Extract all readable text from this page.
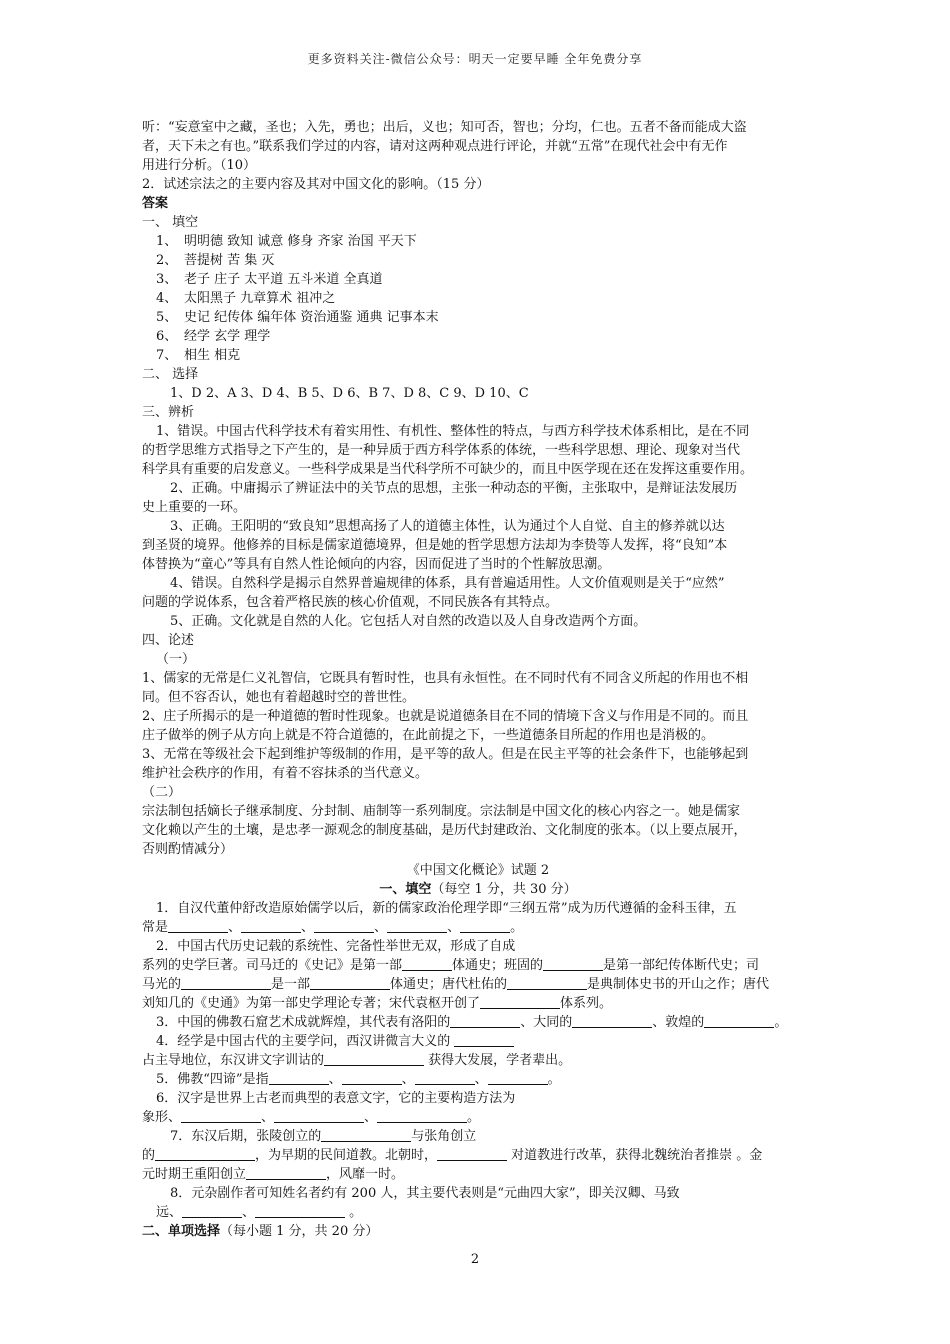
更多资料关注-微信公众号：明天一定要早睡 全年免费分享

听：“妄意室中之藏，圣也；入先，勇也；出后，义也；知可否，智也；分均，仁也。五者不备而能成大盗

者，天下未之有也。”联系我们学过的内容，请对这两种观点进行评论，并就“五常”在现代社会中有无作

用进行分析。（10）

2．试述宗法之的主要内容及其对中国文化的影响。（15 分）

答案

一、 填空

1、 明明德 致知 诚意 修身 齐家 治国 平天下

2、 菩提树 苦 集 灭

3、 老子 庄子 太平道 五斗米道 全真道

4、 太阳黑子 九章算术 祖冲之

5、 史记 纪传体 编年体 资治通鉴 通典 记事本末

6、 经学 玄学 理学

7、 相生 相克

二、 选择

1、D 2、A 3、D 4、B 5、D 6、B 7、D 8、C 9、D 10、C

三、辨析

1、错误。中国古代科学技术有着实用性、有机性、整体性的特点，与西方科学技术体系相比，是在不同

的哲学思维方式指导之下产生的，是一种异质于西方科学体系的体统，一些科学思想、理论、现象对当代

科学具有重要的启发意义。一些科学成果是当代科学所不可缺少的，而且中医学现在还在发挥这重要作用。

2、正确。中庸揭示了辨证法中的关节点的思想，主张一种动态的平衡，主张取中，是辩证法发展历

史上重要的一环。

3、正确。王阳明的“致良知”思想高扬了人的道德主体性，认为通过个人自觉、自主的修养就以达

到圣贤的境界。他修养的目标是儒家道德境界，但是她的哲学思想方法却为李贽等人发挥，将“良知”本

体替换为“童心”等具有自然人性论倾向的内容，因而促进了当时的个性解放思潮。

4、错误。自然科学是揭示自然界普遍规律的体系，具有普遍适用性。人文价值观则是关于“应然”

问题的学说体系，包含着严格民族的核心价值观，不同民族各有其特点。

5、正确。文化就是自然的人化。它包括人对自然的改造以及人自身改造两个方面。

四、论述

（一）

1、儒家的无常是仁义礼智信，它既具有暂时性，也具有永恒性。在不同时代有不同含义所起的作用也不相

同。但不容否认，她也有着超越时空的普世性。

2、庄子所揭示的是一种道德的暂时性现象。也就是说道德条目在不同的情境下含义与作用是不同的。而且

庄子做举的例子从方向上就是不符合道德的，在此前提之下，一些道德条目所起的作用也是消极的。

3、无常在等级社会下起到维护等级制的作用，是平等的敌人。但是在民主平等的社会条件下，也能够起到

维护社会秩序的作用，有着不容抹杀的当代意义。

（二）

宗法制包括嫡长子继承制度、分封制、庙制等一系列制度。宗法制是中国文化的核心内容之一。她是儒家

文化赖以产生的土壤，是忠孝一源观念的制度基础，是历代封建政治、文化制度的张本。（以上要点展开，

否则酌情减分）

《中国文化概论》试题 2

一、填空（每空 1 分，共 30 分）

1．自汉代董仲舒改造原始儒学以后，新的儒家政治伦理学即“三纲五常”成为历代遵循的金科玉律，五

常是	、	、	、	、	。

2．中国古代历史记载的系统性、完备性举世无双，形成了自成

系列的史学巨著。司马迁的《史记》是第一部	体通史；班固的	是第一部纪传体断代史；司

马光的	是一部	体通史；唐代杜佑的	是典制体史书的开山之作；唐代

刘知几的《史通》为第一部史学理论专著；宋代袁枢开创了	体系列。

3．中国的佛教石窟艺术成就辉煌，其代表有洛阳的	、大同的	、敦煌的	。

4．经学是中国古代的主要学问，西汉讲微言大义的

占主导地位，东汉讲文字训诂的	获得大发展，学者辈出。

5．佛教“四谛”是指	、	、	、	。

6．汉字是世界上古老而典型的表意文字，它的主要构造方法为

象形、	、	、	。

7．东汉后期，张陵创立的	与张角创立

的	，为早期的民间道教。北朝时，	对道教进行改革，获得北魏统治者推崇 。金

元时期王重阳创立	，风靡一时。

8．元杂剧作者可知姓名者约有 200 人，其主要代表则是“元曲四大家”，即关汉卿、马致

远、	、	。

二、单项选择（每小题 1 分，共 20 分）

2
